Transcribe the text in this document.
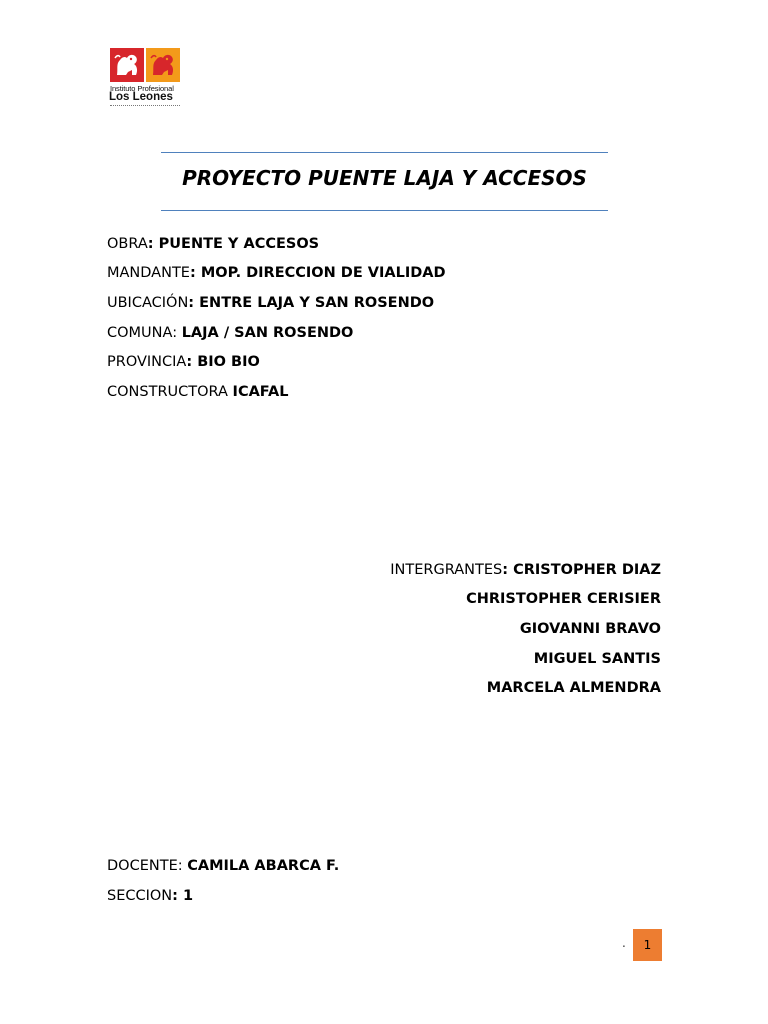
Instituto Profesional
Los Leones
PROYECTO PUENTE LAJA Y ACCESOS
OBRA: PUENTE Y ACCESOS
MANDANTE: MOP. DIRECCION DE VIALIDAD
UBICACIÓN: ENTRE LAJA Y SAN ROSENDO
COMUNA: LAJA / SAN ROSENDO
PROVINCIA: BIO BIO
CONSTRUCTORA ICAFAL
INTERGRANTES: CRISTOPHER DIAZ
CHRISTOPHER CERISIER
GIOVANNI BRAVO
MIGUEL SANTIS
MARCELA ALMENDRA
DOCENTE: CAMILA ABARCA F.
SECCION: 1
.	1
